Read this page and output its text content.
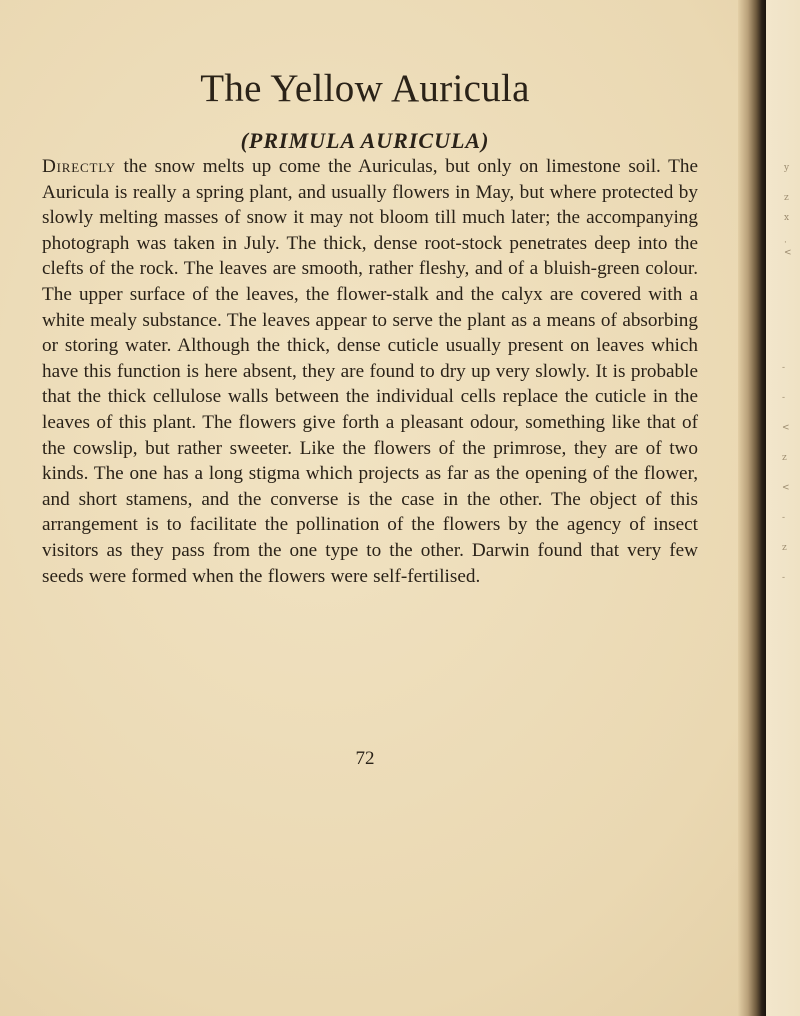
y
z
x
·
<
-
-
<
z
<
-
z
-
The Yellow Auricula
(PRIMULA AURICULA)

Directly the snow melts up come the Auriculas, but only on limestone soil. The Auricula is really a spring plant, and usually flowers in May, but where protected by slowly melting masses of snow it may not bloom till much later; the accompanying photograph was taken in July. The thick, dense root-stock penetrates deep into the clefts of the rock. The leaves are smooth, rather fleshy, and of a bluish-green colour. The upper surface of the leaves, the flower-stalk and the calyx are covered with a white mealy substance. The leaves appear to serve the plant as a means of absorbing or storing water. Although the thick, dense cuticle usually present on leaves which have this function is here absent, they are found to dry up very slowly. It is probable that the thick cellulose walls between the individual cells replace the cuticle in the leaves of this plant. The flowers give forth a pleasant odour, something like that of the cowslip, but rather sweeter. Like the flowers of the primrose, they are of two kinds. The one has a long stigma which projects as far as the opening of the flower, and short stamens, and the converse is the case in the other. The object of this arrangement is to facilitate the pollination of the flowers by the agency of insect visitors as they pass from the one type to the other. Darwin found that very few seeds were formed when the flowers were self-fertilised.

72
